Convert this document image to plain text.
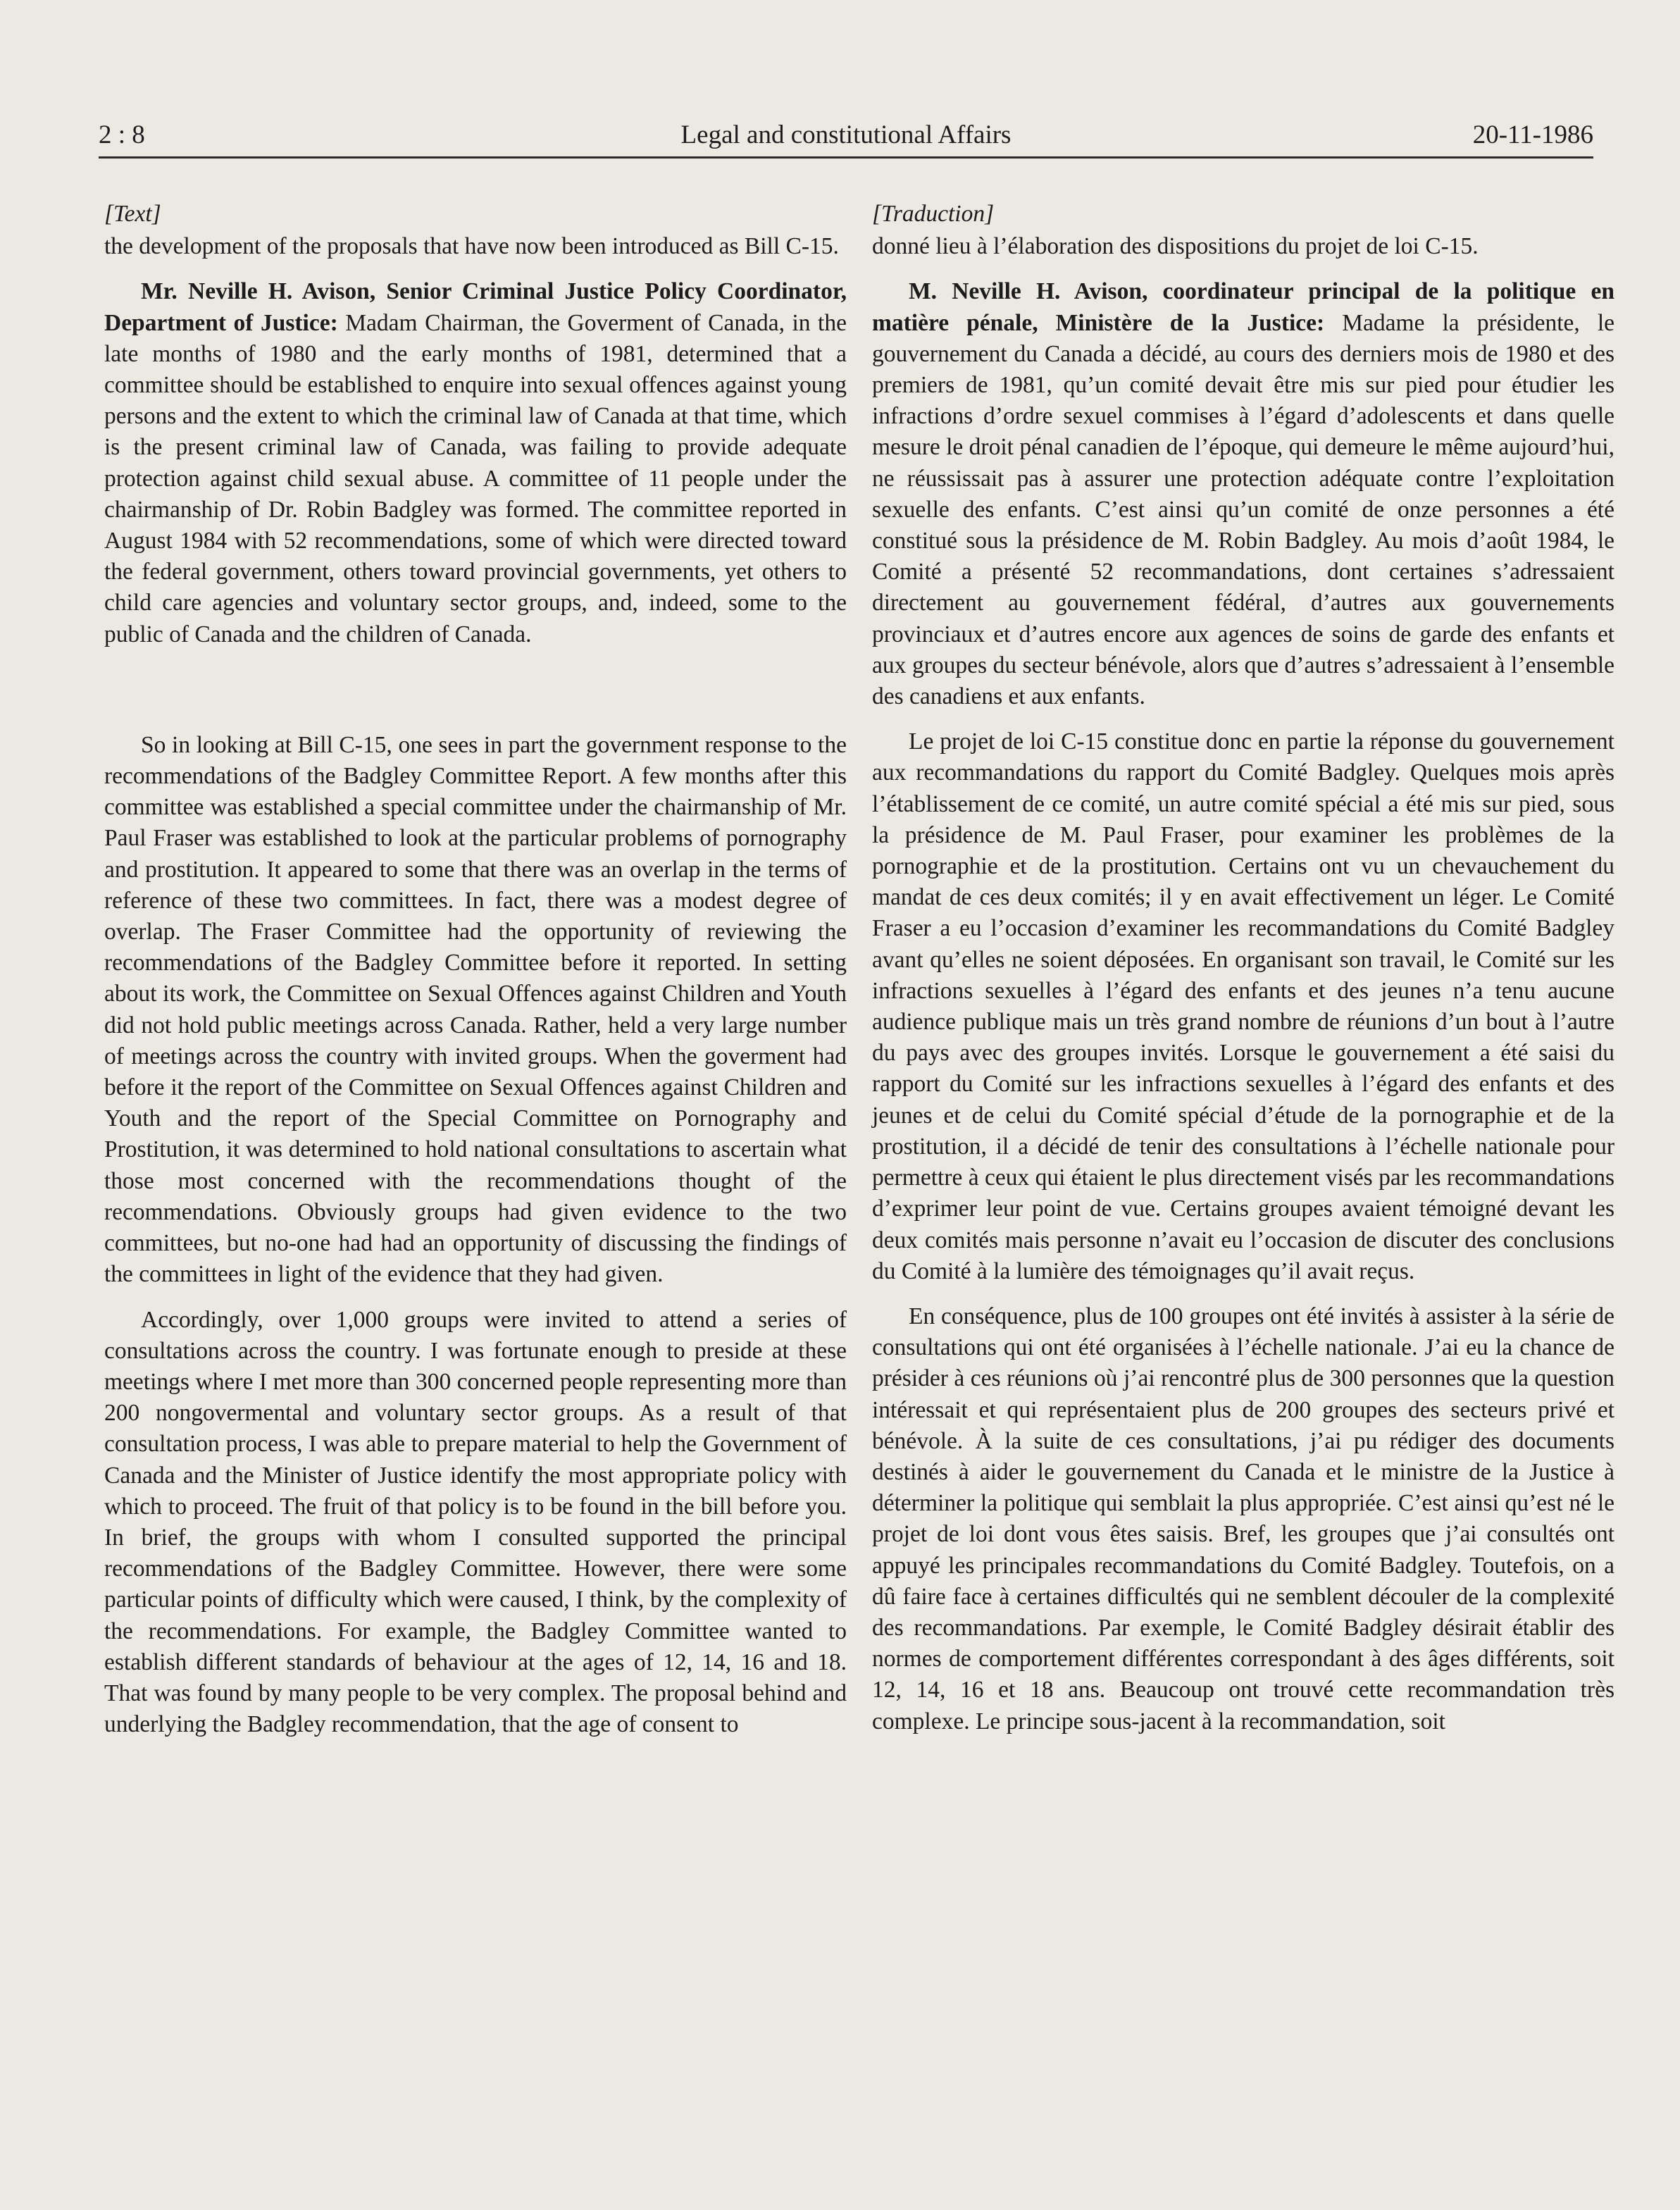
2 : 8	Legal and constitutional Affairs	20-11-1986

[Text]

the development of the proposals that have now been introduced as Bill C-15.

Mr. Neville H. Avison, Senior Criminal Justice Policy Coordinator, Department of Justice: Madam Chairman, the Goverment of Canada, in the late months of 1980 and the early months of 1981, determined that a committee should be established to enquire into sexual offences against young persons and the extent to which the criminal law of Canada at that time, which is the present criminal law of Canada, was failing to provide adequate protection against child sexual abuse. A committee of 11 people under the chairmanship of Dr. Robin Badgley was formed. The committee reported in August 1984 with 52 recommendations, some of which were directed toward the federal government, others toward provincial governments, yet others to child care agencies and voluntary sector groups, and, indeed, some to the public of Canada and the children of Canada.

So in looking at Bill C-15, one sees in part the government response to the recommendations of the Badgley Committee Report. A few months after this committee was established a special committee under the chairmanship of Mr. Paul Fraser was established to look at the particular problems of pornography and prostitution. It appeared to some that there was an overlap in the terms of reference of these two committees. In fact, there was a modest degree of overlap. The Fraser Committee had the opportunity of reviewing the recommendations of the Badgley Committee before it reported. In setting about its work, the Committee on Sexual Offences against Children and Youth did not hold public meetings across Canada. Rather, held a very large number of meetings across the country with invited groups. When the goverment had before it the report of the Committee on Sexual Offences against Children and Youth and the report of the Special Committee on Pornography and Prostitution, it was determined to hold national consultations to ascertain what those most concerned with the recommendations thought of the recommendations. Obviously groups had given evidence to the two committees, but no-one had had an opportunity of discussing the findings of the committees in light of the evidence that they had given.

Accordingly, over 1,000 groups were invited to attend a series of consultations across the country. I was fortunate enough to preside at these meetings where I met more than 300 concerned people representing more than 200 nongovermental and voluntary sector groups. As a result of that consultation process, I was able to prepare material to help the Government of Canada and the Minister of Justice identify the most appropriate policy with which to proceed. The fruit of that policy is to be found in the bill before you. In brief, the groups with whom I consulted supported the principal recommendations of the Badgley Committee. However, there were some particular points of difficulty which were caused, I think, by the complexity of the recommendations. For example, the Badgley Committee wanted to establish different standards of behaviour at the ages of 12, 14, 16 and 18. That was found by many people to be very complex. The proposal behind and underlying the Badgley recommendation, that the age of consent to

[Traduction]

donné lieu à l’élaboration des dispositions du projet de loi C-15.

M. Neville H. Avison, coordinateur principal de la politique en matière pénale, Ministère de la Justice: Madame la présidente, le gouvernement du Canada a décidé, au cours des derniers mois de 1980 et des premiers de 1981, qu’un comité devait être mis sur pied pour étudier les infractions d’ordre sexuel commises à l’égard d’adolescents et dans quelle mesure le droit pénal canadien de l’époque, qui demeure le même aujourd’hui, ne réussissait pas à assurer une protection adéquate contre l’exploitation sexuelle des enfants. C’est ainsi qu’un comité de onze personnes a été constitué sous la présidence de M. Robin Badgley. Au mois d’août 1984, le Comité a présenté 52 recommandations, dont certaines s’adressaient directement au gouvernement fédéral, d’autres aux gouvernements provinciaux et d’autres encore aux agences de soins de garde des enfants et aux groupes du secteur bénévole, alors que d’autres s’adressaient à l’ensemble des canadiens et aux enfants.

Le projet de loi C-15 constitue donc en partie la réponse du gouvernement aux recommandations du rapport du Comité Badgley. Quelques mois après l’établissement de ce comité, un autre comité spécial a été mis sur pied, sous la présidence de M. Paul Fraser, pour examiner les problèmes de la pornographie et de la prostitution. Certains ont vu un chevauchement du mandat de ces deux comités; il y en avait effectivement un léger. Le Comité Fraser a eu l’occasion d’examiner les recommandations du Comité Badgley avant qu’elles ne soient déposées. En organisant son travail, le Comité sur les infractions sexuelles à l’égard des enfants et des jeunes n’a tenu aucune audience publique mais un très grand nombre de réunions d’un bout à l’autre du pays avec des groupes invités. Lorsque le gouvernement a été saisi du rapport du Comité sur les infractions sexuelles à l’égard des enfants et des jeunes et de celui du Comité spécial d’étude de la pornographie et de la prostitution, il a décidé de tenir des consultations à l’échelle nationale pour permettre à ceux qui étaient le plus directement visés par les recommandations d’exprimer leur point de vue. Certains groupes avaient témoigné devant les deux comités mais personne n’avait eu l’occasion de discuter des conclusions du Comité à la lumière des témoignages qu’il avait reçus.

En conséquence, plus de 100 groupes ont été invités à assister à la série de consultations qui ont été organisées à l’échelle nationale. J’ai eu la chance de présider à ces réunions où j’ai rencontré plus de 300 personnes que la question intéressait et qui représentaient plus de 200 groupes des secteurs privé et bénévole. À la suite de ces consultations, j’ai pu rédiger des documents destinés à aider le gouvernement du Canada et le ministre de la Justice à déterminer la politique qui semblait la plus appropriée. C’est ainsi qu’est né le projet de loi dont vous êtes saisis. Bref, les groupes que j’ai consultés ont appuyé les principales recommandations du Comité Badgley. Toutefois, on a dû faire face à certaines difficultés qui ne semblent découler de la complexité des recommandations. Par exemple, le Comité Badgley désirait établir des normes de comportement différentes correspondant à des âges différents, soit 12, 14, 16 et 18 ans. Beaucoup ont trouvé cette recommandation très complexe. Le principe sous-jacent à la recommandation, soit
